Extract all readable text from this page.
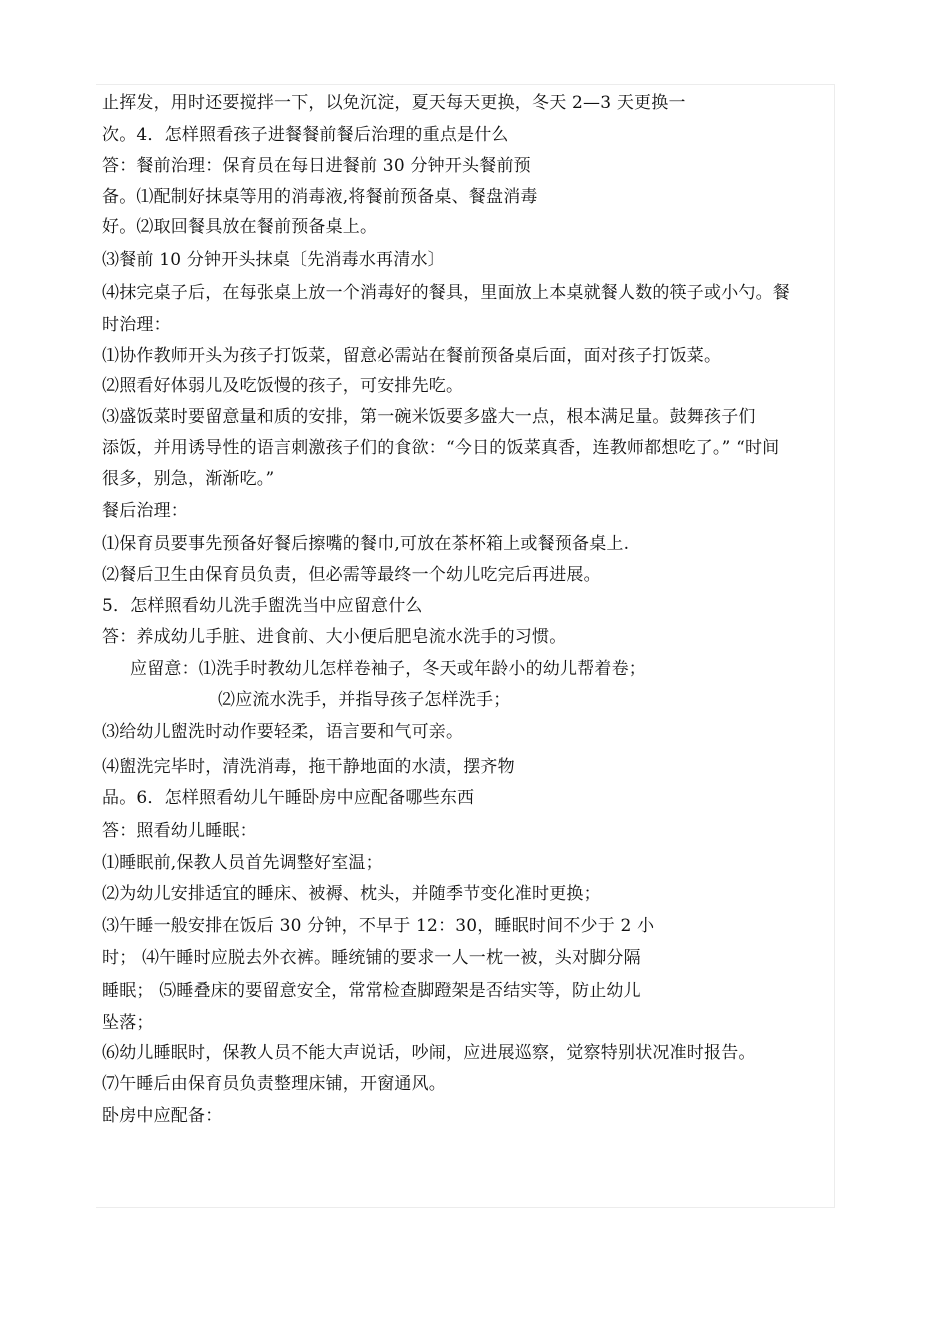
止挥发，用时还要搅拌一下，以免沉淀，夏天每天更换，冬天 2—3 天更换一
次。4．怎样照看孩子进餐餐前餐后治理的重点是什么
答：餐前治理：保育员在每日进餐前 30 分钟开头餐前预
备。⑴配制好抹桌等用的消毒液,将餐前预备桌、餐盘消毒
好。⑵取回餐具放在餐前预备桌上。
⑶餐前 10 分钟开头抹桌〔先消毒水再清水〕
⑷抹完桌子后，在每张桌上放一个消毒好的餐具，里面放上本桌就餐人数的筷子或小勺。餐
时治理：
⑴协作教师开头为孩子打饭菜，留意必需站在餐前预备桌后面，面对孩子打饭菜。
⑵照看好体弱儿及吃饭慢的孩子，可安排先吃。
⑶盛饭菜时要留意量和质的安排，第一碗米饭要多盛大一点，根本满足量。鼓舞孩子们
添饭，并用诱导性的语言刺激孩子们的食欲：“今日的饭菜真香，连教师都想吃了。” “时间
很多，别急，渐渐吃。”
餐后治理：
⑴保育员要事先预备好餐后擦嘴的餐巾,可放在茶杯箱上或餐预备桌上.
⑵餐后卫生由保育员负责，但必需等最终一个幼儿吃完后再进展。
5．怎样照看幼儿洗手盥洗当中应留意什么
答：养成幼儿手脏、进食前、大小便后肥皂流水洗手的习惯。
应留意：⑴洗手时教幼儿怎样卷袖子，冬天或年龄小的幼儿帮着卷；
⑵应流水洗手，并指导孩子怎样洗手；
⑶给幼儿盥洗时动作要轻柔，语言要和气可亲。
⑷盥洗完毕时，清洗消毒，拖干静地面的水渍，摆齐物
品。6．怎样照看幼儿午睡卧房中应配备哪些东西
答：照看幼儿睡眠：
⑴睡眠前,保教人员首先调整好室温；
⑵为幼儿安排适宜的睡床、被褥、枕头，并随季节变化准时更换；
⑶午睡一般安排在饭后 30 分钟，不早于 12：30，睡眠时间不少于 2 小
时； ⑷午睡时应脱去外衣裤。睡统铺的要求一人一枕一被，头对脚分隔
睡眠； ⑸睡叠床的要留意安全，常常检查脚蹬架是否结实等，防止幼儿
坠落；
⑹幼儿睡眠时，保教人员不能大声说话，吵闹，应进展巡察，觉察特别状况准时报告。
⑺午睡后由保育员负责整理床铺，开窗通风。
卧房中应配备：
